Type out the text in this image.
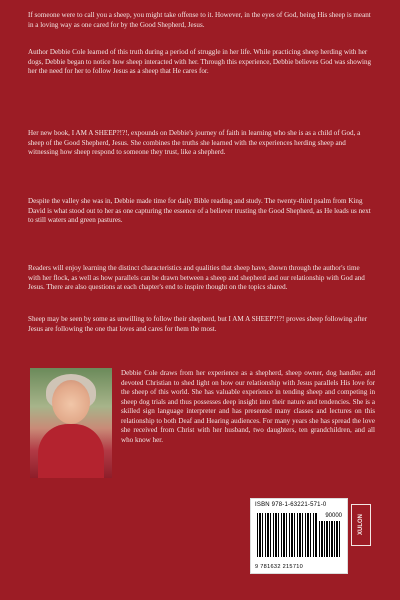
If someone were to call you a sheep, you might take offense to it. However, in the eyes of God, being His sheep is meant in a loving way as one cared for by the Good Shepherd, Jesus.

Author Debbie Cole learned of this truth during a period of struggle in her life. While practicing sheep herding with her dogs, Debbie began to notice how sheep interacted with her. Through this experience, Debbie believes God was showing her the need for her to follow Jesus as a sheep that He cares for.

Her new book, I AM A SHEEP?!?!, expounds on Debbie's journey of faith in learning who she is as a child of God, a sheep of the Good Shepherd, Jesus. She combines the truths she learned with the experiences herding sheep and witnessing how sheep respond to someone they trust, like a shepherd.

Despite the valley she was in, Debbie made time for daily Bible reading and study. The twenty-third psalm from King David is what stood out to her as one capturing the essence of a believer trusting the Good Shepherd, as He leads us next to still waters and green pastures.

Readers will enjoy learning the distinct characteristics and qualities that sheep have, shown through the author's time with her flock, as well as how parallels can be drawn between a sheep and shepherd and our relationship with God and Jesus. There are also questions at each chapter's end to inspire thought on the topics shared.

Sheep may be seen by some as unwilling to follow their shepherd, but I AM A SHEEP?!?! proves sheep following after Jesus are following the one that loves and cares for them the most.

Debbie Cole draws from her experience as a shepherd, sheep owner, dog handler, and devoted Christian to shed light on how our relationship with Jesus parallels His love for the sheep of this world. She has valuable experience in tending sheep and competing in sheep dog trials and thus possesses deep insight into their nature and tendencies. She is a skilled sign language interpreter and has presented many classes and lectures on this relationship to both Deaf and Hearing audiences. For many years she has spread the love she received from Christ with her husband, two daughters, ten grandchildren, and all who know her.

ISBN 978-1-63221-571-0
90000
9 781632 215710
XULON
